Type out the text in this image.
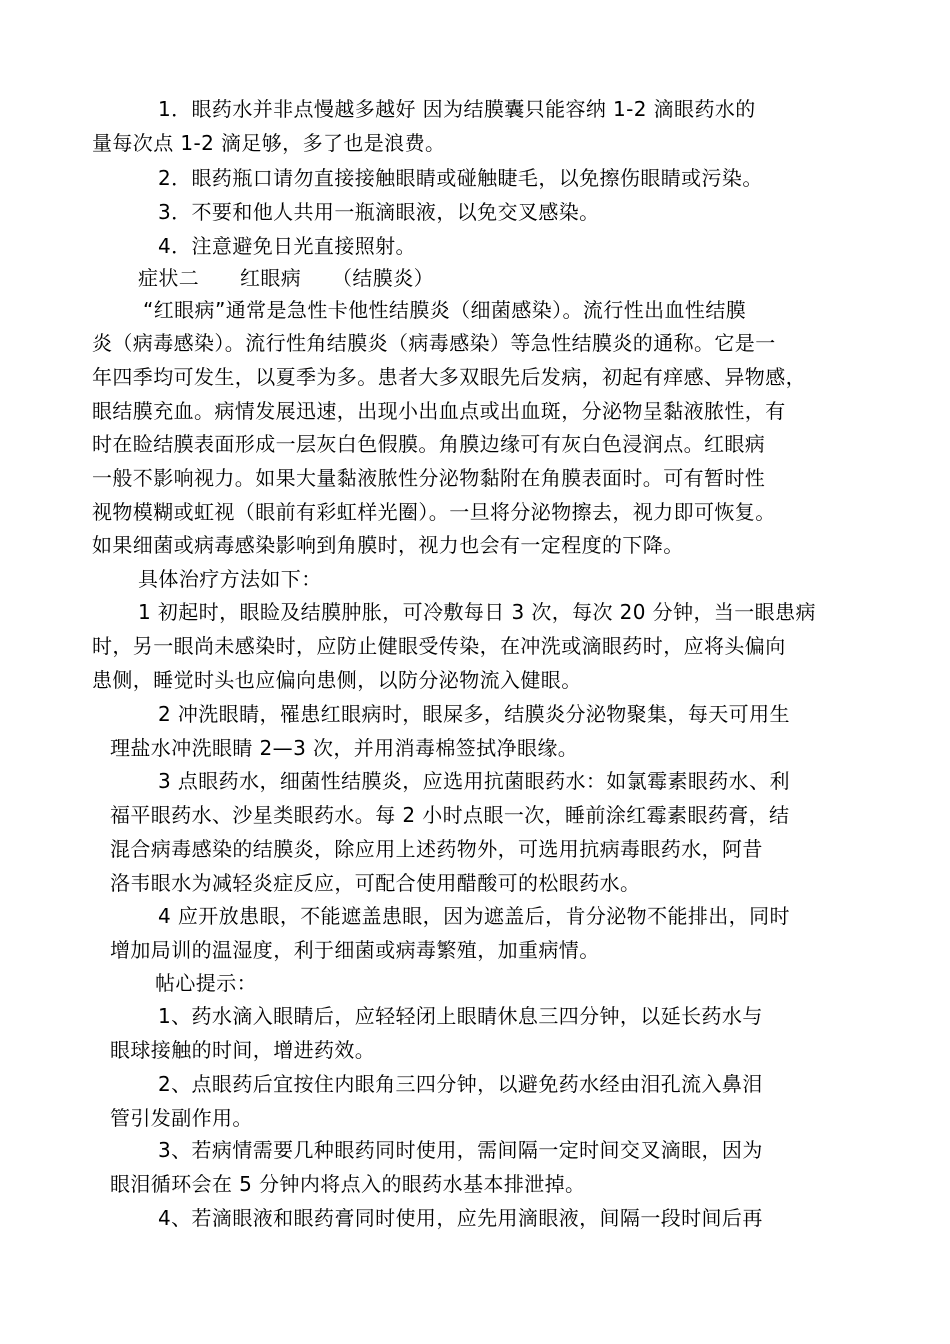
1．眼药水并非点慢越多越好 因为结膜囊只能容纳 1-2 滴眼药水的
量每次点 1-2 滴足够，多了也是浪费。
2．眼药瓶口请勿直接接触眼睛或碰触睫毛，以免擦伤眼睛或污染。
3．不要和他人共用一瓶滴眼液，以免交叉感染。
4．注意避免日光直接照射。
症状二　　红眼病　　（结膜炎）
“红眼病”通常是急性卡他性结膜炎（细菌感染）。流行性出血性结膜
炎（病毒感染）。流行性角结膜炎（病毒感染）等急性结膜炎的通称。它是一
年四季均可发生，以夏季为多。患者大多双眼先后发病，初起有痒感、异物感，
眼结膜充血。病情发展迅速，出现小出血点或出血斑，分泌物呈黏液脓性，有
时在睑结膜表面形成一层灰白色假膜。角膜边缘可有灰白色浸润点。红眼病
一般不影响视力。如果大量黏液脓性分泌物黏附在角膜表面时。可有暂时性
视物模糊或虹视（眼前有彩虹样光圈）。一旦将分泌物擦去，视力即可恢复。
如果细菌或病毒感染影响到角膜时，视力也会有一定程度的下降。
具体治疗方法如下：
1 初起时，眼睑及结膜肿胀，可冷敷每日 3 次，每次 20 分钟，当一眼患病
时，另一眼尚未感染时，应防止健眼受传染，在冲洗或滴眼药时，应将头偏向
患侧，睡觉时头也应偏向患侧，以防分泌物流入健眼。
2 冲洗眼睛，罹患红眼病时，眼屎多，结膜炎分泌物聚集，每天可用生
理盐水冲洗眼睛 2—3 次，并用消毒棉签拭净眼缘。
3 点眼药水，细菌性结膜炎，应选用抗菌眼药水：如氯霉素眼药水、利
福平眼药水、沙星类眼药水。每 2 小时点眼一次，睡前涂红霉素眼药膏，结
混合病毒感染的结膜炎，除应用上述药物外，可选用抗病毒眼药水，阿昔
洛韦眼水为减轻炎症反应，可配合使用醋酸可的松眼药水。
4 应开放患眼，不能遮盖患眼，因为遮盖后，肯分泌物不能排出，同时
增加局训的温湿度，利于细菌或病毒繁殖，加重病情。
帖心提示：
1、药水滴入眼睛后，应轻轻闭上眼睛休息三四分钟，以延长药水与
眼球接触的时间，增进药效。
2、点眼药后宜按住内眼角三四分钟，以避免药水经由泪孔流入鼻泪
管引发副作用。
3、若病情需要几种眼药同时使用，需间隔一定时间交叉滴眼，因为
眼泪循环会在 5 分钟内将点入的眼药水基本排泄掉。
4、若滴眼液和眼药膏同时使用，应先用滴眼液，间隔一段时间后再
